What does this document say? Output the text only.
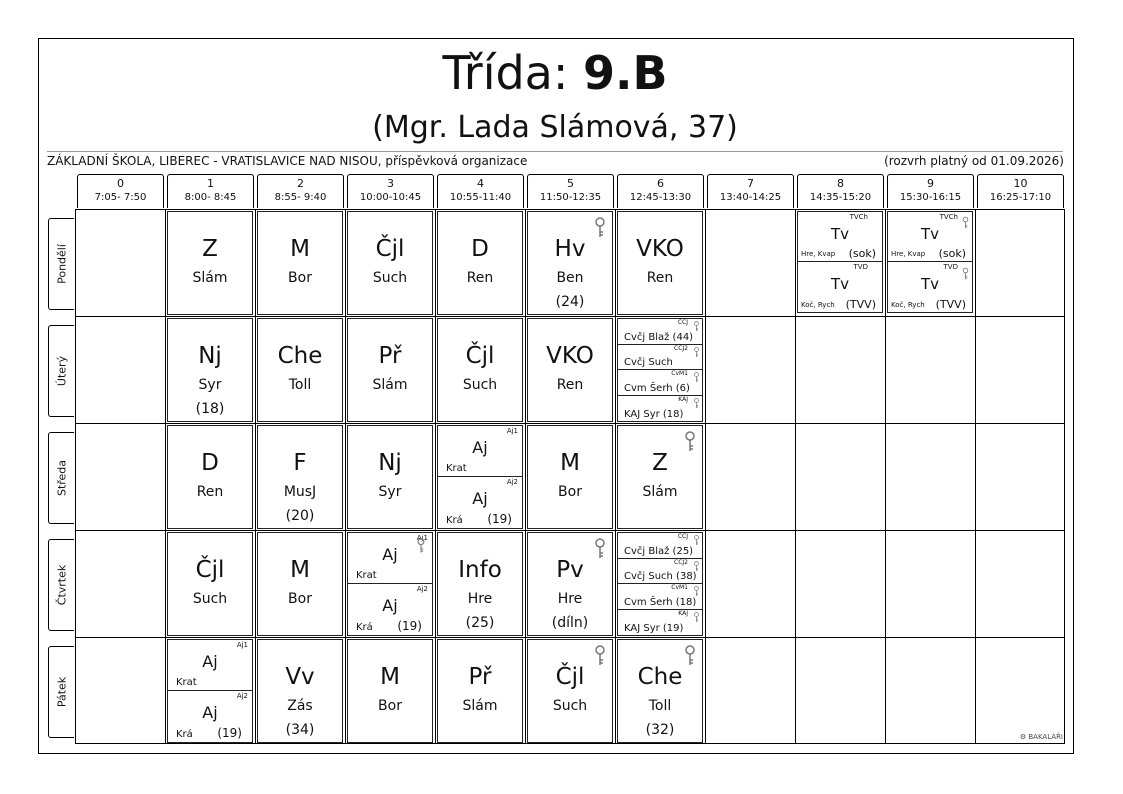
Třída: 9.B
(Mgr. Lada Slámová, 37)
ZÁKLADNÍ ŠKOLA, LIBEREC - VRATISLAVICE NAD NISOU, příspěvková organizace	(rozvrh platný od 01.09.2026)
0
7:05- 7:50
1
8:00- 8:45
2
8:55- 9:40
3
10:00-10:45
4
10:55-11:40
5
11:50-12:35
6
12:45-13:30
7
13:40-14:25
8
14:35-15:20
9
15:30-16:15
10
16:25-17:10
Pondělí
Úterý
Středa
Čtvrtek
Pátek
Z
Slám
M
Bor
Čjl
Such
D
Ren
Hv
Ben
(24)
VKO
Ren
TVCh
Tv
Hre, Kvap (sok)
TVD
Tv
Koč, Rych (TVV)
TVCh
Tv
Hre, Kvap (sok)
TVD
Tv
Koč, Rych (TVV)
Nj
Syr
(18)
Che
Toll
Př
Slám
Čjl
Such
VKO
Ren
CČJ
Cvčj Blaž (44)
CČJ2
Cvčj Such
CvM1
Cvm Šerh (6)
KAJ
KAJ Syr (18)
D
Ren
F
MusJ
(20)
Nj
Syr
Aj1
Aj
Krat
Aj2
Aj
Krá (19)
M
Bor
Z
Slám
Čjl
Such
M
Bor
Aj1
Aj
Krat
Aj2
Aj
Krá (19)
Info
Hre
(25)
Pv
Hre
(díln)
CČJ
Cvčj Blaž (25)
CČJ2
Cvčj Such (38)
CvM1
Cvm Šerh (18)
KAJ
KAJ Syr (19)
Aj1
Aj
Krat
Aj2
Aj
Krá (19)
Vv
Zás
(34)
M
Bor
Př
Slám
Čjl
Such
Che
Toll
(32)	⚙ BAKALÁŘI
